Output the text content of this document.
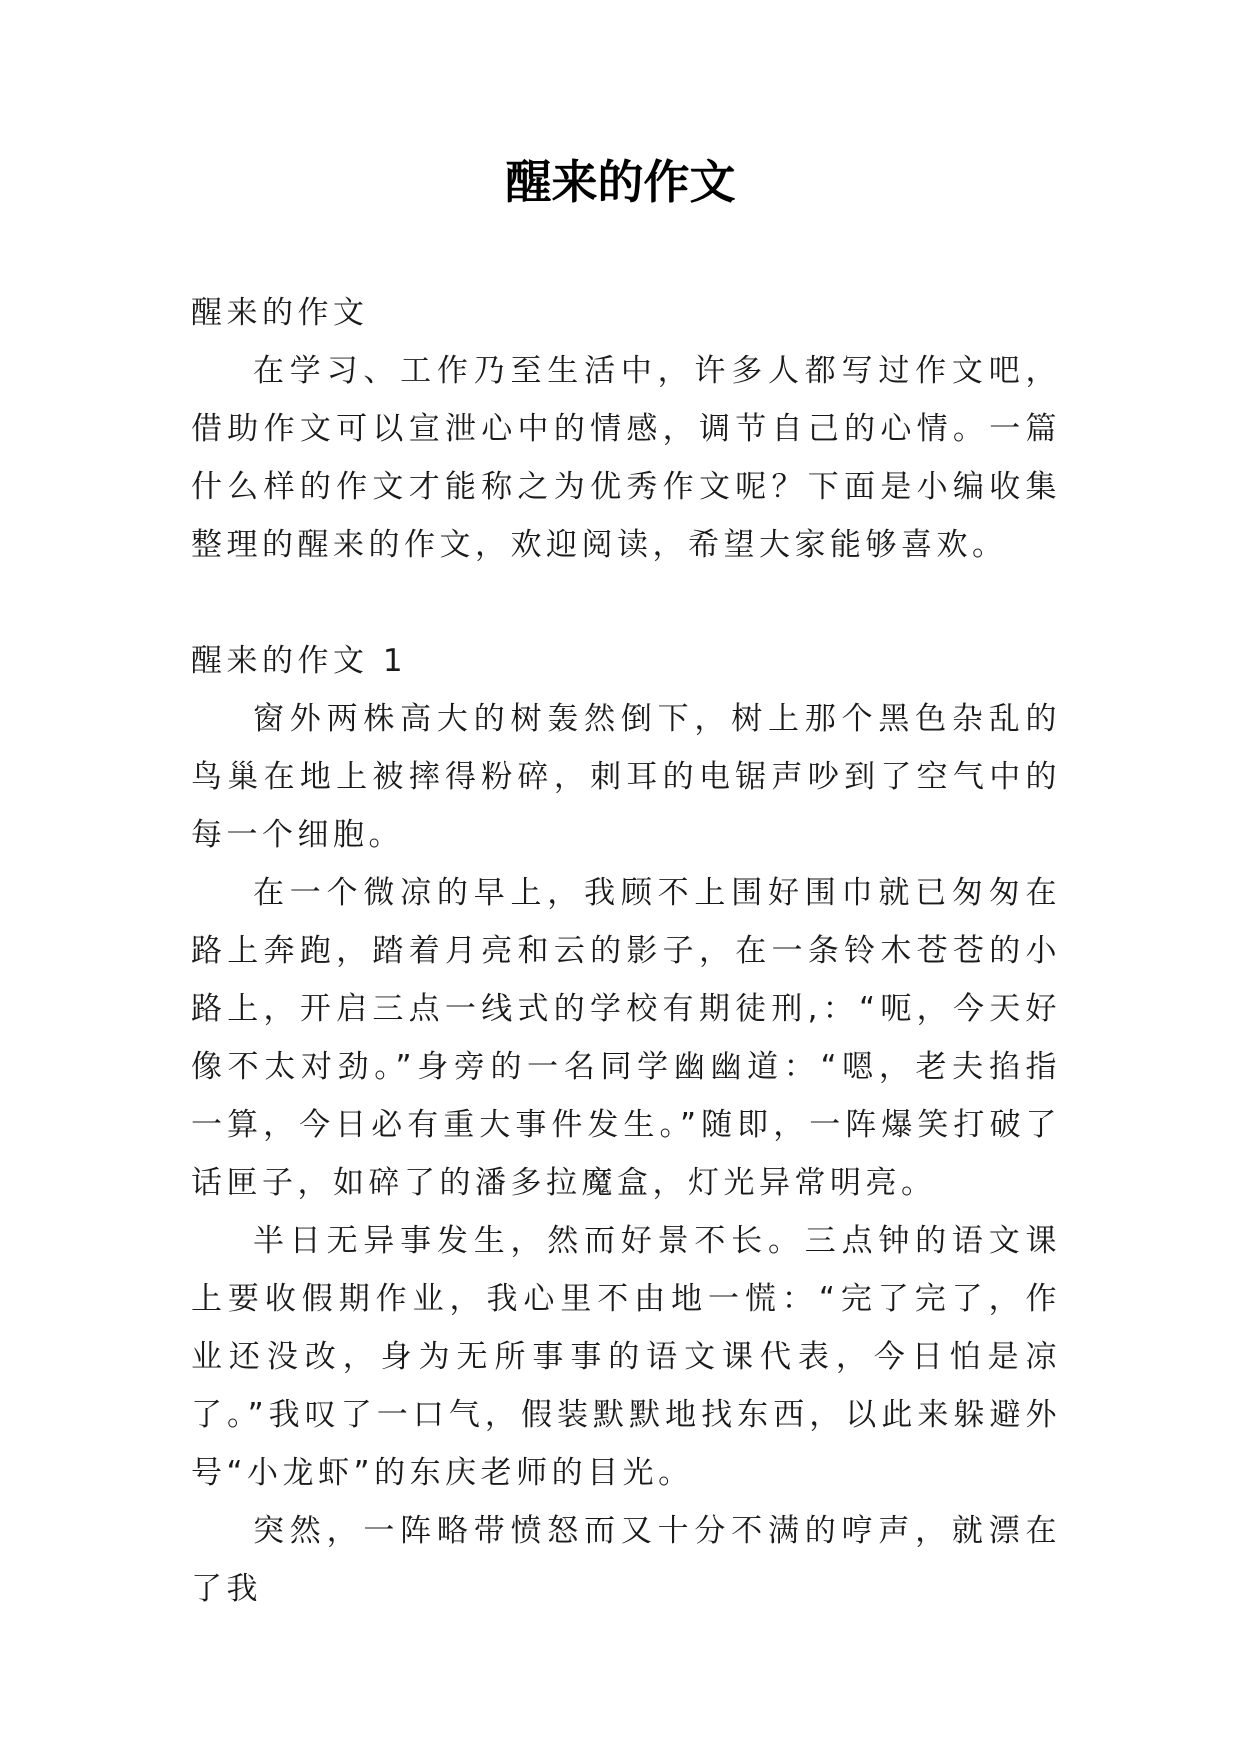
醒来的作文

醒来的作文

在学习、工作乃至生活中，许多人都写过作文吧，借助作文可以宣泄心中的情感，调节自己的心情。一篇什么样的作文才能称之为优秀作文呢？下面是小编收集整理的醒来的作文，欢迎阅读，希望大家能够喜欢。

醒来的作文 1

窗外两株高大的树轰然倒下，树上那个黑色杂乱的鸟巢在地上被摔得粉碎，刺耳的电锯声吵到了空气中的每一个细胞。

在一个微凉的早上，我顾不上围好围巾就已匆匆在路上奔跑，踏着月亮和云的影子，在一条铃木苍苍的小路上，开启三点一线式的学校有期徒刑,：“呃，今天好像不太对劲。”身旁的一名同学幽幽道：“嗯，老夫掐指一算，今日必有重大事件发生。”随即，一阵爆笑打破了话匣子，如碎了的潘多拉魔盒，灯光异常明亮。

半日无异事发生，然而好景不长。三点钟的语文课上要收假期作业，我心里不由地一慌：“完了完了，作业还没改，身为无所事事的语文课代表，今日怕是凉了。”我叹了一口气，假装默默地找东西，以此来躲避外号“小龙虾”的东庆老师的目光。

突然，一阵略带愤怒而又十分不满的哼声，就漂在了我
